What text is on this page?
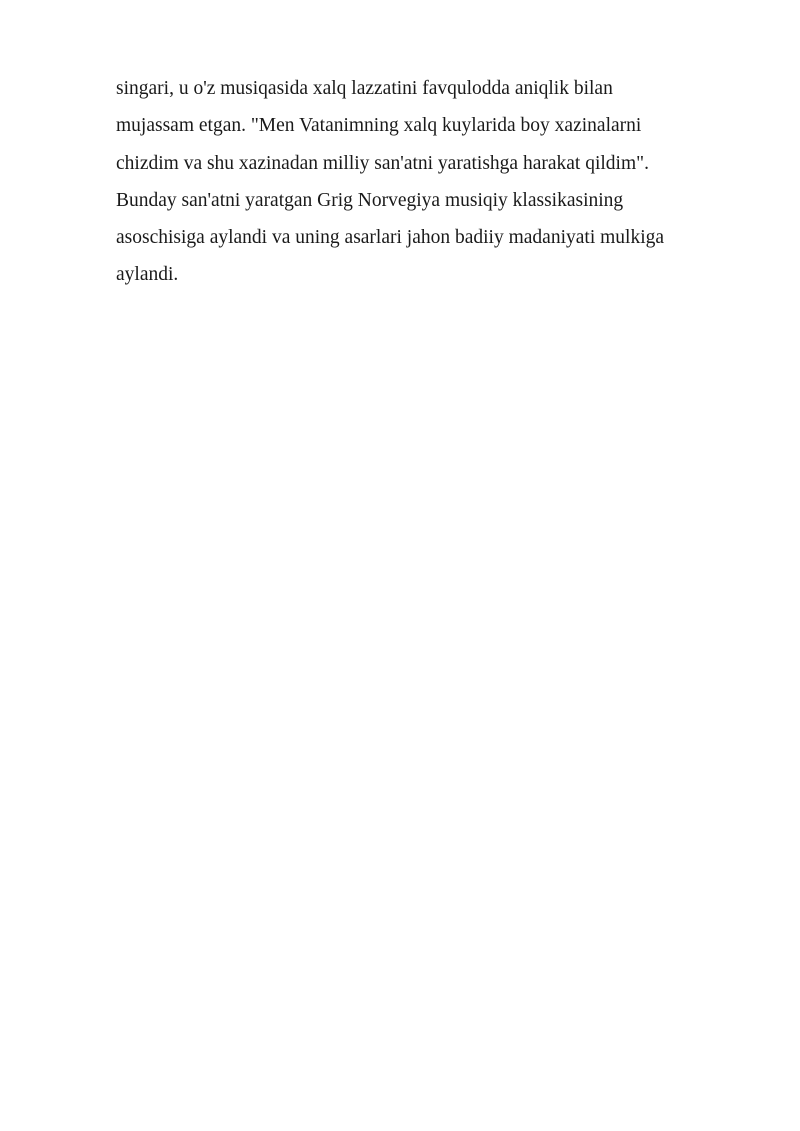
singari, u o'z musiqasida xalq lazzatini favqulodda aniqlik bilan
mujassam etgan. "Men Vatanimning xalq kuylarida boy xazinalarni
chizdim va shu xazinadan milliy san'atni yaratishga harakat qildim".
Bunday san'atni yaratgan Grig Norvegiya musiqiy klassikasining
asoschisiga aylandi va uning asarlari jahon badiiy madaniyati mulkiga
aylandi.
